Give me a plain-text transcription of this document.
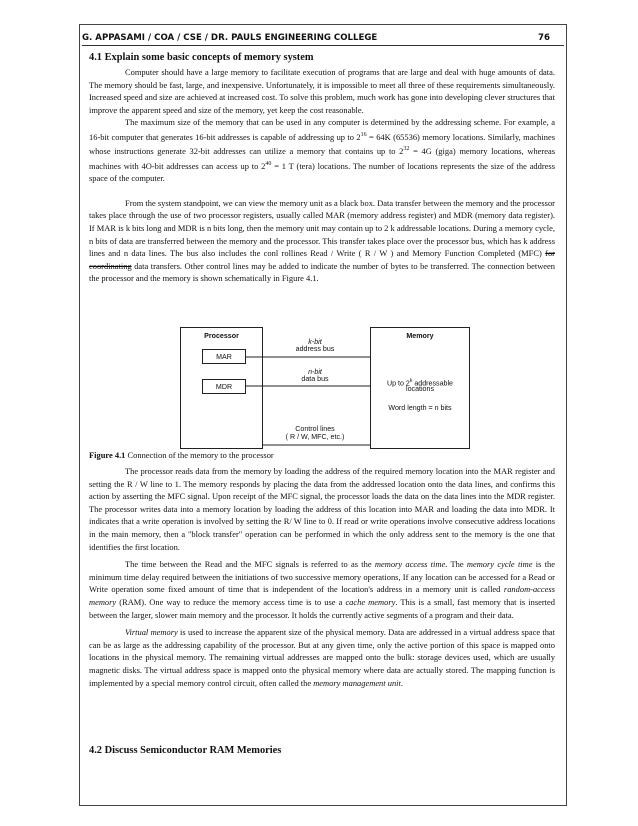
G. APPASAMI / COA / CSE / DR. PAULS ENGINEERING COLLEGE	76
4.1 Explain some basic concepts of memory system

Computer should have a large memory to facilitate execution of programs that are large and deal with huge amounts of data. The memory should be fast, large, and inexpensive. Unfortunately, it is impossible to meet all three of these requirements simultaneously. Increased speed and size are achieved at increased cost. To solve this problem, much work has gone into developing clever structures that improve the apparent speed and size of the memory, yet keep the cost reasonable.

The maximum size of the memory that can be used in any computer is determined by the addressing scheme. For example, a 16-bit computer that generates 16-bit addresses is capable of addressing up to $2^{16} = 64K$ (65536) memory locations. Similarly, machines whose instructions generate 32-bit addresses can utilize a memory that contains up to $2^{32} = 4G$ (giga) memory locations, whereas machines with 4O-bit addresses can access up to $2^{40} = 1$ T (tera) locations. The number of locations represents the size of the address space of the computer.

From the system standpoint, we can view the memory unit as a black box. Data transfer between the memory and the processor takes place through the use of two processor registers, usually called MAR (memory address register) and MDR (memory data register). If MAR is k bits long and MDR is n bits long, then the memory unit may contain up to 2 k addressable locations. During a memory cycle, n bits of data are transferred between the memory and the processor. This transfer takes place over the processor bus, which has k address lines and n data lines. The bus also includes the conl rollines Read / Write ( R / W ) and Memory Function Completed (MFC) for coordinating data transfers. Other control lines may be added to indicate the number of bytes to be transferred. The connection between the processor and the memory is shown schematically in Figure 4.1.

Processor
MAR
MDR
Memory
Up to 2$^k$ addressable
locations
Word length = n bits
k-bit
address bus
n-bit
data bus
Control lines
( R / W, MFC, etc.)
Figure 4.1 Connection of the memory to the processor

The processor reads data from the memory by loading the address of the required memory location into the MAR register and setting the R / W line to 1. The memory responds by placing the data from the addressed location onto the data lines, and confirms this action by asserting the MFC signal. Upon receipt of the MFC signal, the processor loads the data on the data lines into the MDR register. The processor writes data into a memory location by loading the address of this location into MAR and loading the data into MDR. It indicates that a write operation is involved by setting the R/ W line to 0. If read or write operations involve consecutive address locations in the main memory, then a "block transfer" operation can be performed in which the only address sent to the memory is the one that identifies the first location.

The time between the Read and the MFC signals is referred to as the memory access time. The memory cycle time is the minimum time delay required between the initiations of two successive memory operations, If any location can be accessed for a Read or Write operation some fixed amount of time that is independent of the location's address in a memory unit is called random-access memory (RAM). One way to reduce the memory access time is to use a cache memory. This is a small, fast memory that is inserted between the larger, slower main memory and the processor. It holds the currently active segments of a program and their data.

Virtual memory is used to increase the apparent size of the physical memory. Data are addressed in a virtual address space that can be as large as the addressing capability of the processor. But at any given time, only the active portion of this space is mapped onto locations in the physical memory. The remaining virtual addresses are mapped onto the bulk: storage devices used, which are usually magnetic disks. The virtual address space is mapped onto the physical memory where data are actually stored. The mapping function is implemented by a special memory control circuit, often called the memory management unit.

4.2 Discuss Semiconductor RAM Memories
